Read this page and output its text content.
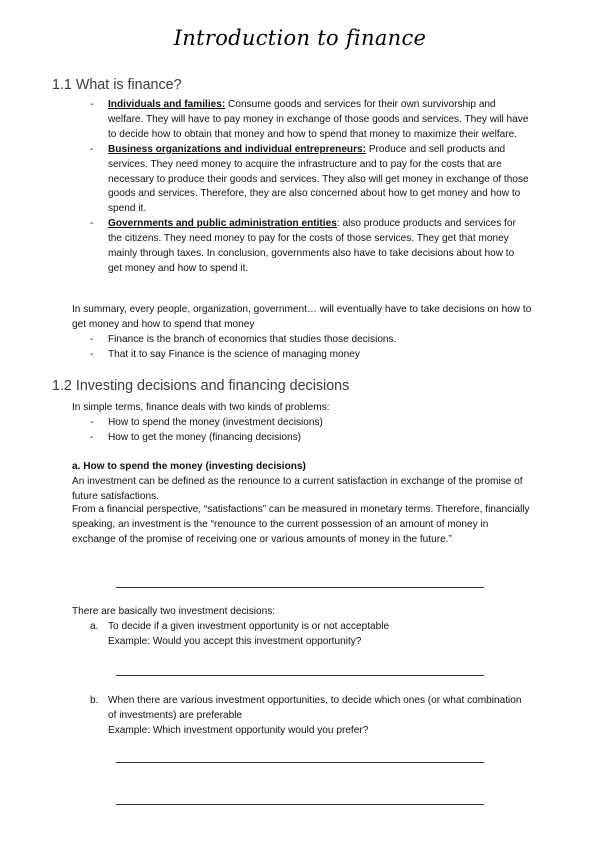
Introduction to finance
1.1 What is finance?
- Individuals and families: Consume goods and services for their own survivorship and welfare. They will have to pay money in exchange of those goods and services. They will have to decide how to obtain that money and how to spend that money to maximize their welfare.
- Business organizations and individual entrepreneurs: Produce and sell products and services. They need money to acquire the infrastructure and to pay for the costs that are necessary to produce their goods and services. They also will get money in exchange of those goods and services. Therefore, they are also concerned about how to get money and how to spend it.
- Governments and public administration entities: also produce products and services for the citizens. They need money to pay for the costs of those services. They get that money mainly through taxes. In conclusion, governments also have to take decisions about how to get money and how to spend it.
In summary, every people, organization, government… will eventually have to take decisions on how to get money and how to spend that money
- Finance is the branch of economics that studies those decisions.
- That it to say Finance is the science of managing money
1.2 Investing decisions and financing decisions
In simple terms, finance deals with two kinds of problems:
- How to spend the money (investment decisions)
- How to get the money (financing decisions)
a. How to spend the money (investing decisions)
An investment can be defined as the renounce to a current satisfaction in exchange of the promise of future satisfactions.
From a financial perspective, “satisfactions” can be measured in monetary terms. Therefore, financially speaking, an investment is the “renounce to the current possession of an amount of money in exchange of the promise of receiving one or various amounts of money in the future.”
There are basically two investment decisions:
a. To decide if a given investment opportunity is or not acceptable
Example: Would you accept this investment opportunity?
b. When there are various investment opportunities, to decide which ones (or what combination of investments) are preferable
Example: Which investment opportunity would you prefer?
